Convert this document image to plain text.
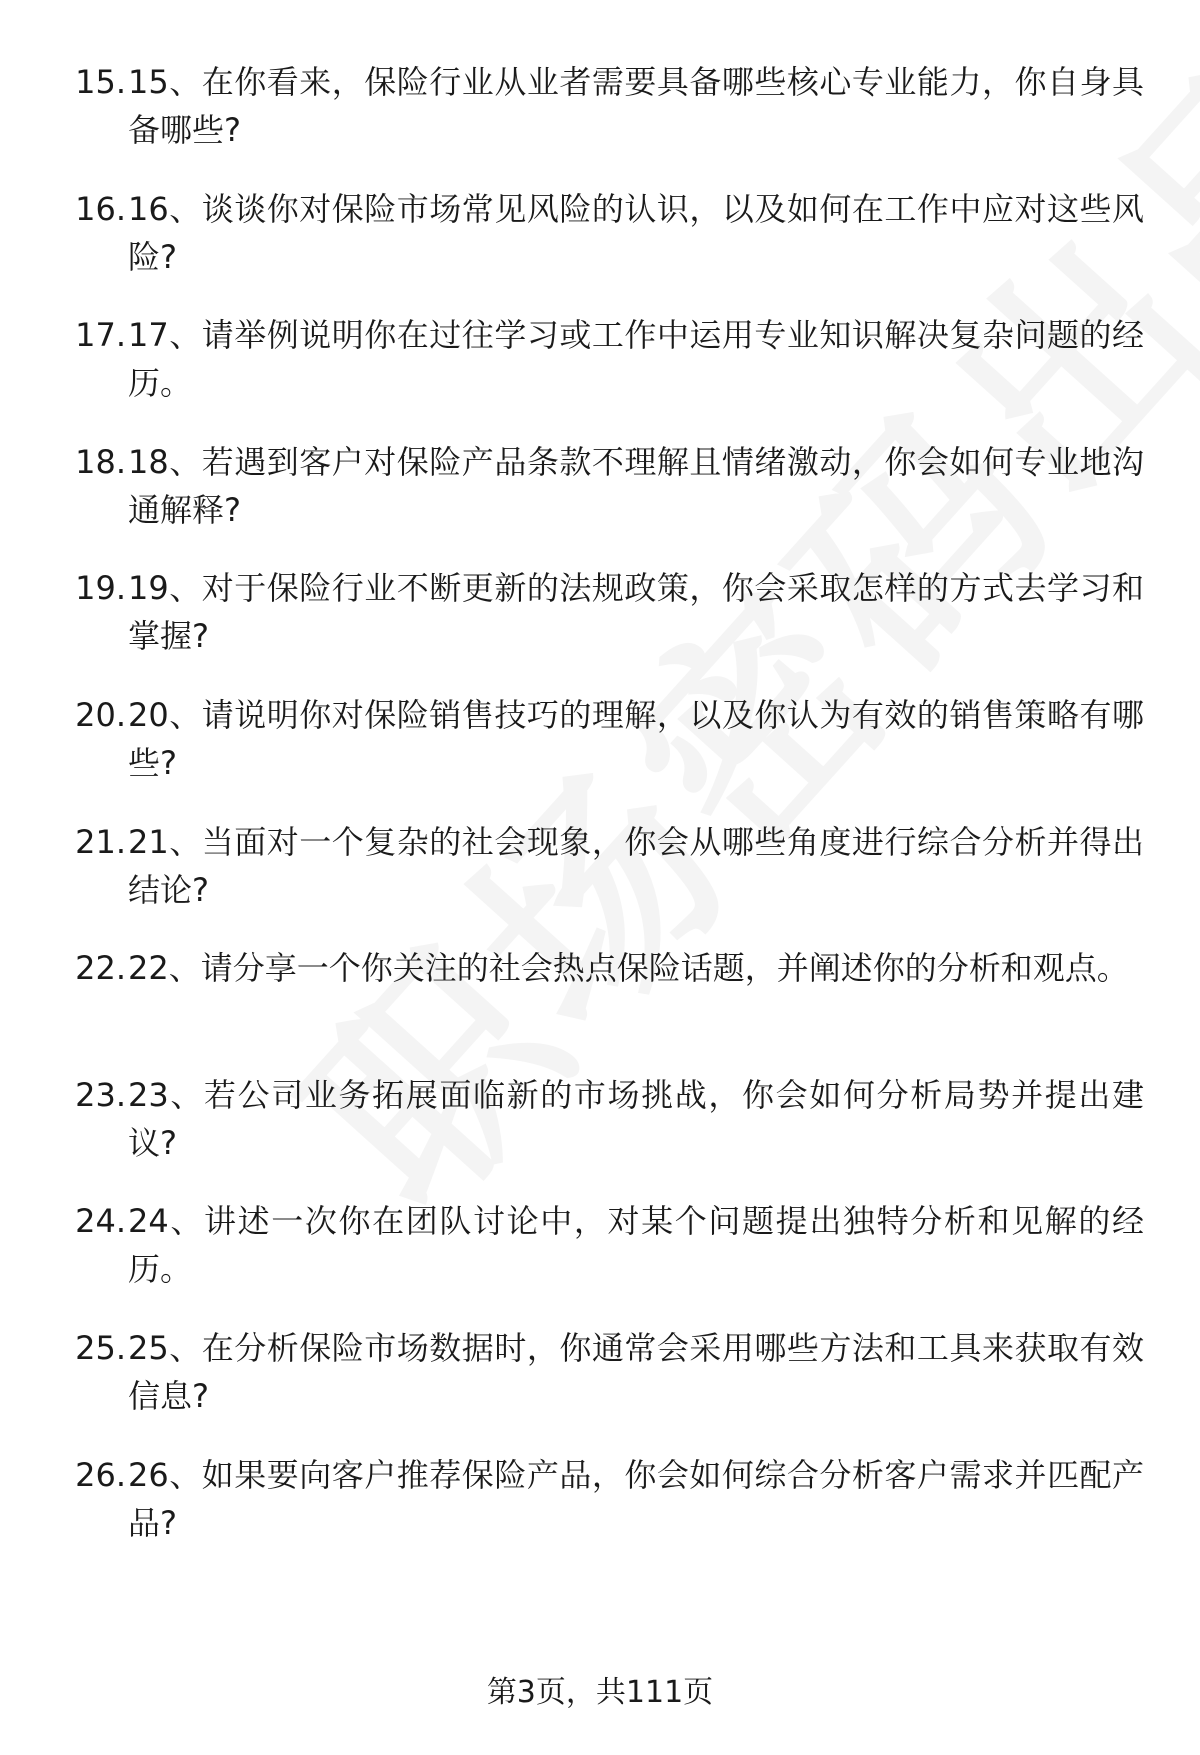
15. 15、在你看来，保险行业从业者需要具备哪些核心专业能力，你自身具备哪些?
16. 16、谈谈你对保险市场常见风险的认识，以及如何在工作中应对这些风险?
17. 17、请举例说明你在过往学习或工作中运用专业知识解决复杂问题的经历。
18. 18、若遇到客户对保险产品条款不理解且情绪激动，你会如何专业地沟通解释?
19. 19、对于保险行业不断更新的法规政策，你会采取怎样的方式去学习和掌握?
20. 20、请说明你对保险销售技巧的理解，以及你认为有效的销售策略有哪些?
21. 21、当面对一个复杂的社会现象，你会从哪些角度进行综合分析并得出结论?
22. 22、请分享一个你关注的社会热点保险话题，并阐述你的分析和观点。
23. 23、若公司业务拓展面临新的市场挑战，你会如何分析局势并提出建议?
24. 24、讲述一次你在团队讨论中，对某个问题提出独特分析和见解的经历。
25. 25、在分析保险市场数据时，你通常会采用哪些方法和工具来获取有效信息?
26. 26、如果要向客户推荐保险产品，你会如何综合分析客户需求并匹配产品?
第3页，共111页
